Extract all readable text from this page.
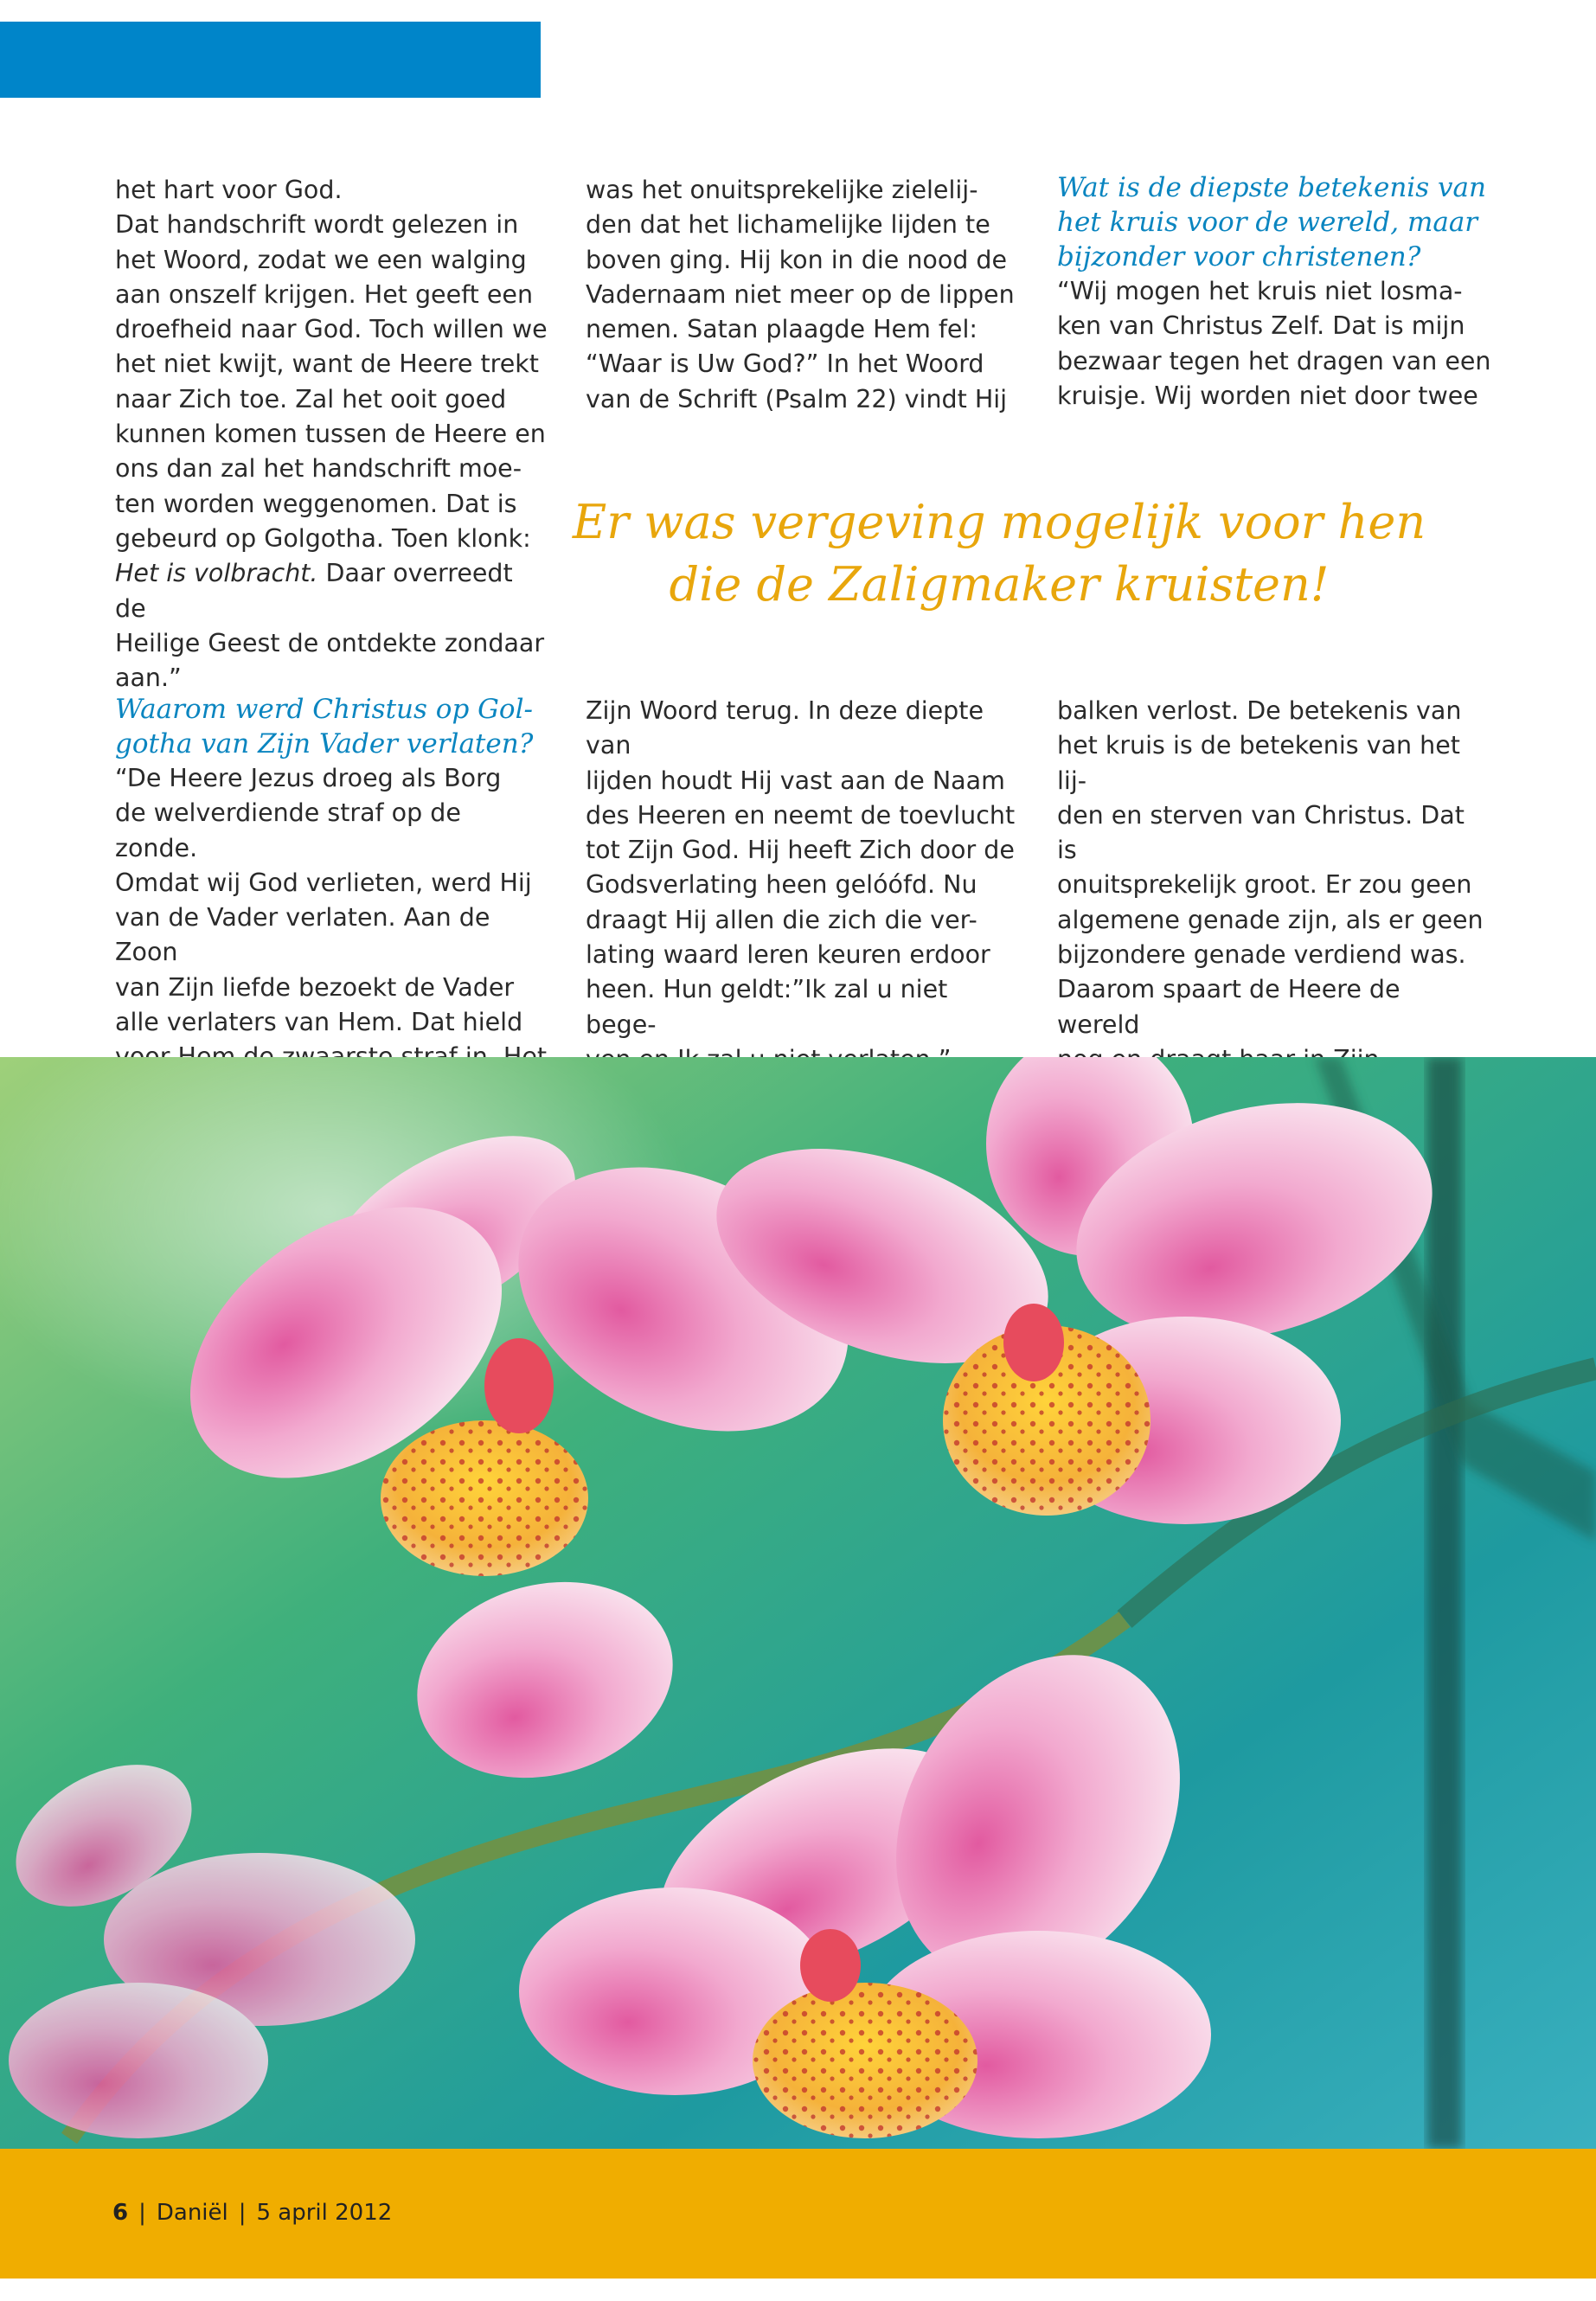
het hart voor God.
Dat handschrift wordt gelezen in
het Woord, zodat we een walging
aan onszelf krijgen. Het geeft een
droefheid naar God. Toch willen we
het niet kwijt, want de Heere trekt
naar Zich toe. Zal het ooit goed
kunnen komen tussen de Heere en
ons dan zal het handschrift moe-
ten worden weggenomen. Dat is
gebeurd op Golgotha. Toen klonk:

Het is volbracht. Daar overreedt de

Heilige Geest de ontdekte zondaar
aan.”

was het onuitsprekelijke zielelij-
den dat het lichamelijke lijden te
boven ging. Hij kon in die nood de
Vadernaam niet meer op de lippen
nemen. Satan plaagde Hem fel:
“Waar is Uw God?” In het Woord
van de Schrift (Psalm 22) vindt Hij

Wat is de diepste betekenis van
het kruis voor de wereld, maar
bijzonder voor christenen?

“Wij mogen het kruis niet losma-
ken van Christus Zelf. Dat is mijn
bezwaar tegen het dragen van een
kruisje. Wij worden niet door twee

Er was vergeving mogelijk voor hen
die de Zaligmaker kruisten!

Waarom werd Christus op Gol-
gotha van Zijn Vader verlaten?

“De Heere Jezus droeg als Borg
de welverdiende straf op de zonde.
Omdat wij God verlieten, werd Hij
van de Vader verlaten. Aan de Zoon
van Zijn liefde bezoekt de Vader
alle verlaters van Hem. Dat hield

Zijn Woord terug. In deze diepte van
lijden houdt Hij vast aan de Naam
des Heeren en neemt de toevlucht
tot Zijn God. Hij heeft Zich door de
Godsverlating heen gelóófd. Nu
draagt Hij allen die zich die ver-
lating waard leren keuren erdoor
heen. Hun geldt:”Ik zal u niet bege-

balken verlost. De betekenis van
het kruis is de betekenis van het lij-
den en sterven van Christus. Dat is
onuitsprekelijk groot. Er zou geen
algemene genade zijn, als er geen
bijzondere genade verdiend was.
Daarom spaart de Heere de wereld

6 | Daniël | 5 april 2012
